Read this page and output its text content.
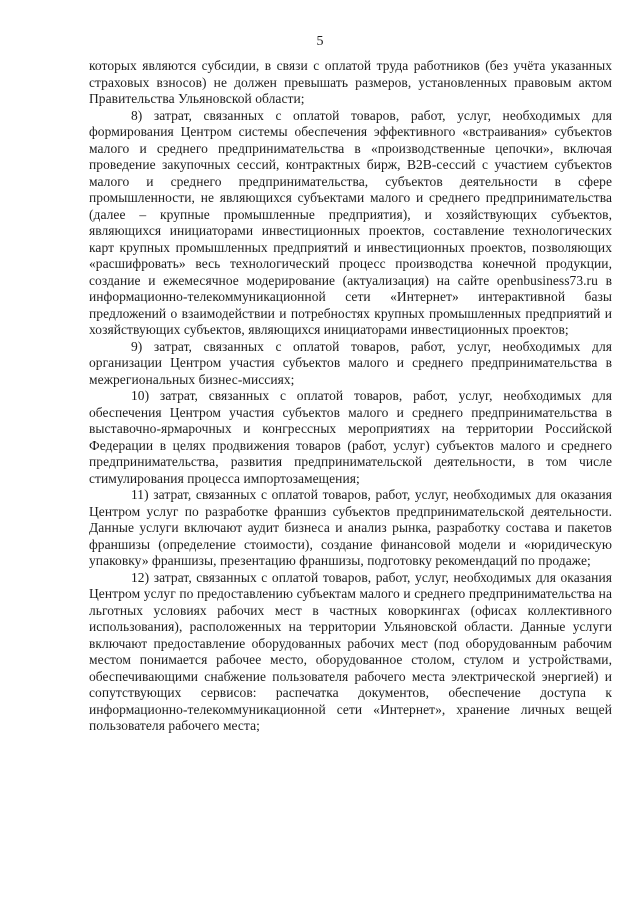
5

которых являются субсидии, в связи с оплатой труда работников (без учёта указанных страховых взносов) не должен превышать размеров, установленных правовым актом Правительства Ульяновской области;

8) затрат, связанных с оплатой товаров, работ, услуг, необходимых для формирования Центром системы обеспечения эффективного «встраивания» субъектов малого и среднего предпринимательства в «производственные цепочки», включая проведение закупочных сессий, контрактных бирж, B2B-сессий с участием субъектов малого и среднего предпринимательства, субъектов деятельности в сфере промышленности, не являющихся субъектами малого и среднего предпринимательства (далее – крупные промышленные предприятия), и хозяйствующих субъектов, являющихся инициаторами инвестиционных проектов, составление технологических карт крупных промышленных предприятий и инвестиционных проектов, позволяющих «расшифровать» весь технологический процесс производства конечной продукции, создание и ежемесячное модерирование (актуализация) на сайте openbusiness73.ru в информационно-телекоммуникационной сети «Интернет» интерактивной базы предложений о взаимодействии и потребностях крупных промышленных предприятий и хозяйствующих субъектов, являющихся инициаторами инвестиционных проектов;

9) затрат, связанных с оплатой товаров, работ, услуг, необходимых для организации Центром участия субъектов малого и среднего предпринимательства в межрегиональных бизнес-миссиях;

10) затрат, связанных с оплатой товаров, работ, услуг, необходимых для обеспечения Центром участия субъектов малого и среднего предпринимательства в выставочно-ярмарочных и конгрессных мероприятиях на территории Российской Федерации в целях продвижения товаров (работ, услуг) субъектов малого и среднего предпринимательства, развития предпринимательской деятельности, в том числе стимулирования процесса импортозамещения;

11) затрат, связанных с оплатой товаров, работ, услуг, необходимых для оказания Центром услуг по разработке франшиз субъектов предпринимательской деятельности. Данные услуги включают аудит бизнеса и анализ рынка, разработку состава и пакетов франшизы (определение стоимости), создание финансовой модели и «юридическую упаковку» франшизы, презентацию франшизы, подготовку рекомендаций по продаже;

12) затрат, связанных с оплатой товаров, работ, услуг, необходимых для оказания Центром услуг по предоставлению субъектам малого и среднего предпринимательства на льготных условиях рабочих мест в частных коворкингах (офисах коллективного использования), расположенных на территории Ульяновской области. Данные услуги включают предоставление оборудованных рабочих мест (под оборудованным рабочим местом понимается рабочее место, оборудованное столом, стулом и устройствами, обеспечивающими снабжение пользователя рабочего места электрической энергией) и сопутствующих сервисов: распечатка документов, обеспечение доступа к информационно-телекоммуникационной сети «Интернет», хранение личных вещей пользователя рабочего места;
